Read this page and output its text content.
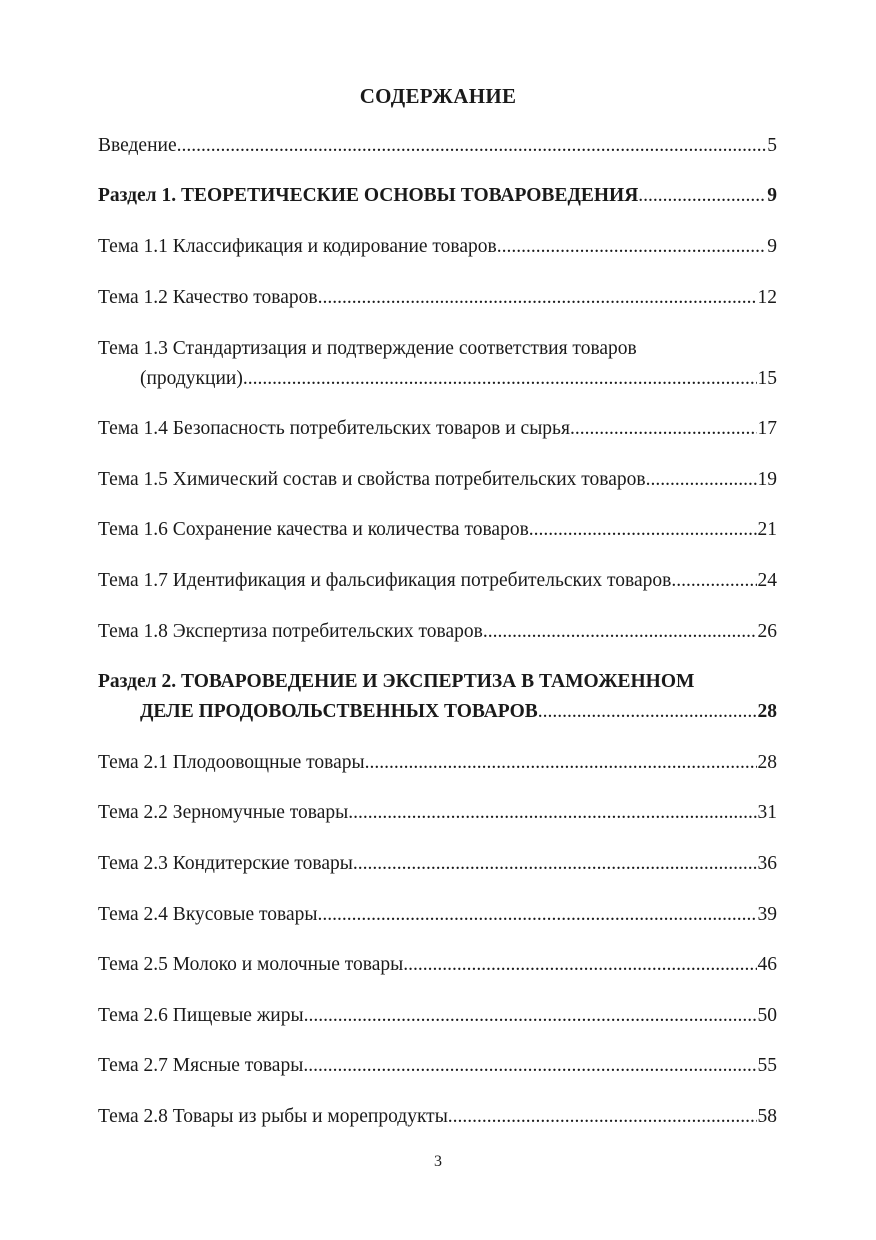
СОДЕРЖАНИЕ
Введение .....	5
Раздел 1. ТЕОРЕТИЧЕСКИЕ ОСНОВЫ ТОВАРОВЕДЕНИЯ .....	9
Тема 1.1 Классификация и кодирование товаров .....	9
Тема 1.2 Качество товаров .....	12
Тема 1.3 Стандартизация и подтверждение соответствия товаров
(продукции) .....	15
Тема 1.4 Безопасность потребительских товаров и сырья .....	17
Тема 1.5 Химический состав и свойства потребительских товаров .....	19
Тема 1.6 Сохранение качества и количества товаров .....	21
Тема 1.7 Идентификация и фальсификация потребительских товаров .....	24
Тема 1.8 Экспертиза потребительских товаров .....	26
Раздел 2. ТОВАРОВЕДЕНИЕ И ЭКСПЕРТИЗА В ТАМОЖЕННОМ
ДЕЛЕ ПРОДОВОЛЬСТВЕННЫХ ТОВАРОВ .....	28
Тема 2.1 Плодоовощные товары .....	28
Тема 2.2 Зерномучные товары .....	31
Тема 2.3 Кондитерские товары .....	36
Тема 2.4 Вкусовые товары .....	39
Тема 2.5 Молоко и молочные товары .....	46
Тема 2.6 Пищевые жиры .....	50
Тема 2.7 Мясные товары .....	55
Тема 2.8 Товары из рыбы и морепродукты .....	58

3
